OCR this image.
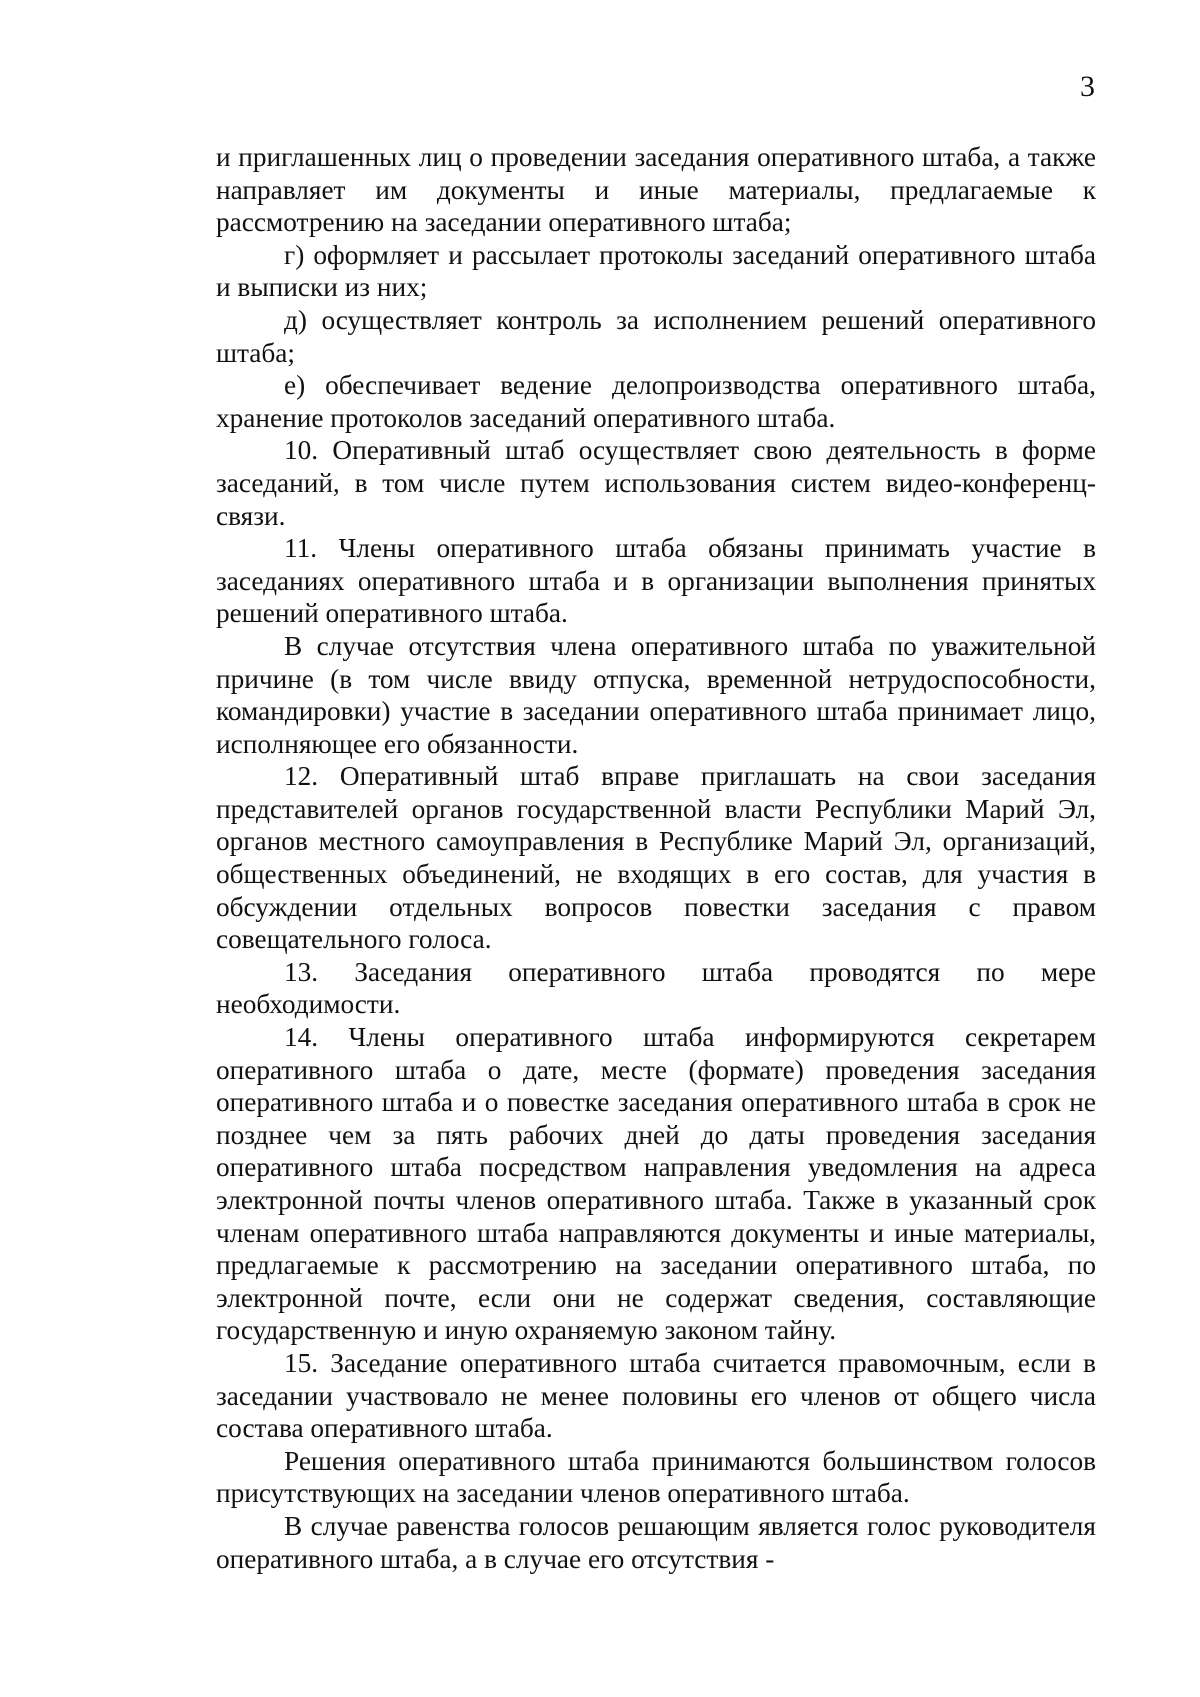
3

и приглашенных лиц о проведении заседания оперативного штаба, а также направляет им документы и иные материалы, предлагаемые к рассмотрению на заседании оперативного штаба;

г) оформляет и рассылает протоколы заседаний оперативного штаба и выписки из них;

д) осуществляет контроль за исполнением решений оперативного штаба;

е) обеспечивает ведение делопроизводства оперативного штаба, хранение протоколов заседаний оперативного штаба.

10. Оперативный штаб осуществляет свою деятельность в форме заседаний, в том числе путем использования систем видео-конференц-связи.

11. Члены оперативного штаба обязаны принимать участие в заседаниях оперативного штаба и в организации выполнения принятых решений оперативного штаба.

В случае отсутствия члена оперативного штаба по уважительной причине (в том числе ввиду отпуска, временной нетрудоспособности, командировки) участие в заседании оперативного штаба принимает лицо, исполняющее его обязанности.

12. Оперативный штаб вправе приглашать на свои заседания представителей органов государственной власти Республики Марий Эл, органов местного самоуправления в Республике Марий Эл, организаций, общественных объединений, не входящих в его состав, для участия в обсуждении отдельных вопросов повестки заседания с правом совещательного голоса.

13. Заседания оперативного штаба проводятся по мере необходимости.

14. Члены оперативного штаба информируются секретарем оперативного штаба о дате, месте (формате) проведения заседания оперативного штаба и о повестке заседания оперативного штаба в срок не позднее чем за пять рабочих дней до даты проведения заседания оперативного штаба посредством направления уведомления на адреса электронной почты членов оперативного штаба. Также в указанный срок членам оперативного штаба направляются документы и иные материалы, предлагаемые к рассмотрению на заседании оперативного штаба, по электронной почте, если они не содержат сведения, составляющие государственную и иную охраняемую законом тайну.

15. Заседание оперативного штаба считается правомочным, если в заседании участвовало не менее половины его членов от общего числа состава оперативного штаба.

Решения оперативного штаба принимаются большинством голосов присутствующих на заседании членов оперативного штаба.

В случае равенства голосов решающим является голос руководителя оперативного штаба, а в случае его отсутствия -
